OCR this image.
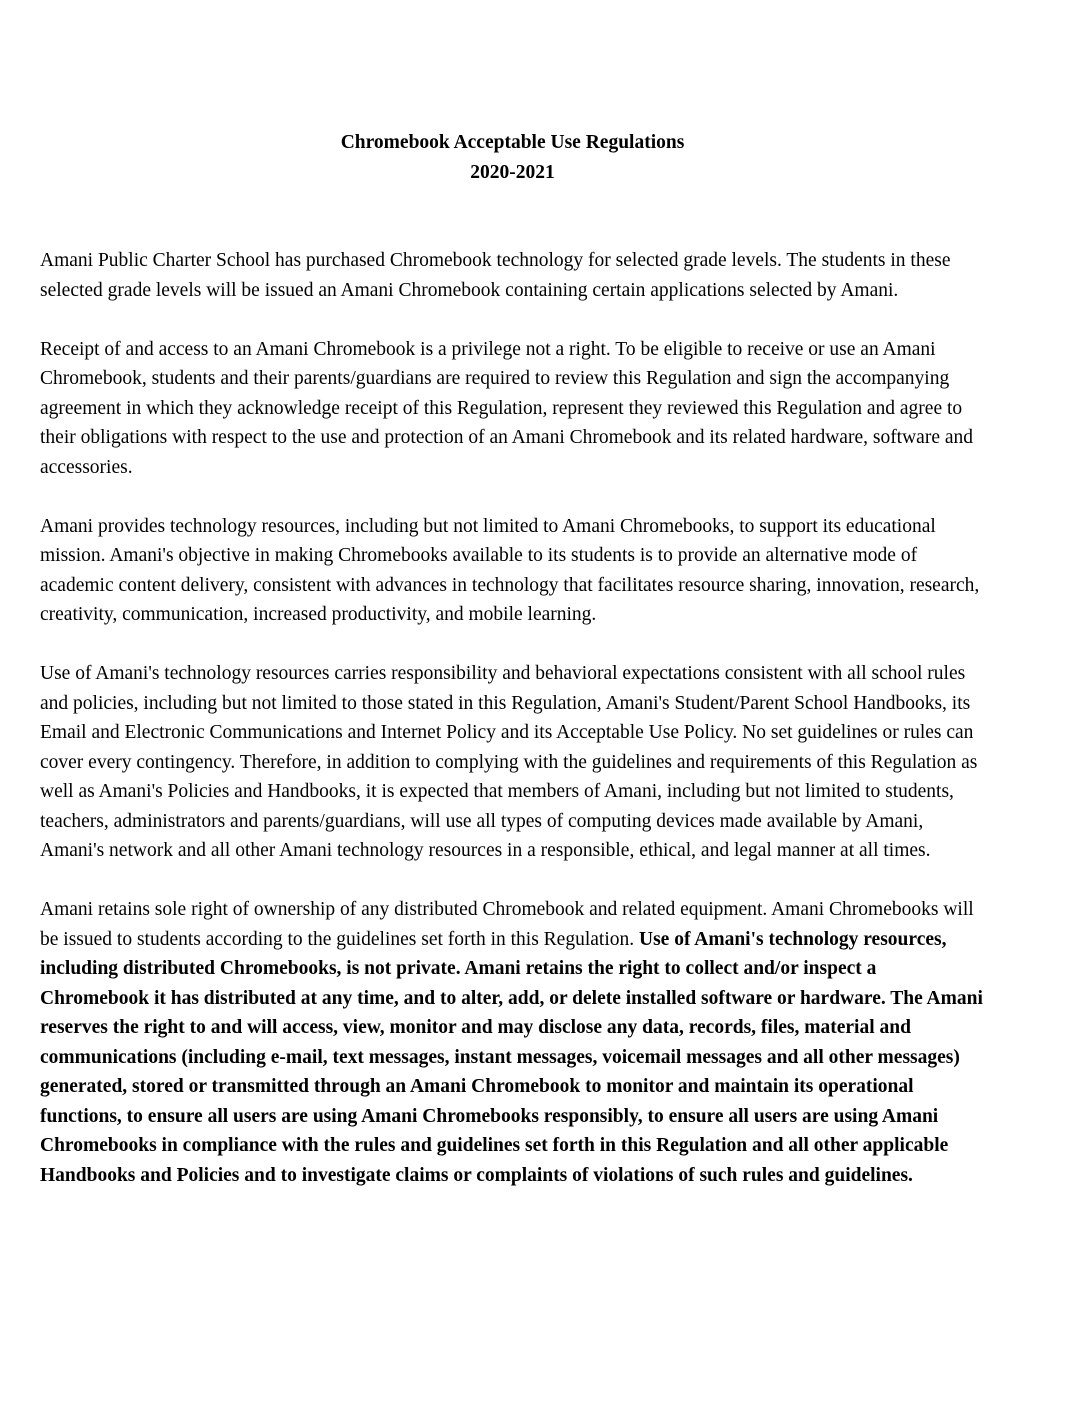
Chromebook Acceptable Use Regulations
2020-2021

Amani Public Charter School has purchased Chromebook technology for selected grade levels. The students in these selected grade levels will be issued an Amani Chromebook containing certain applications selected by Amani.

Receipt of and access to an Amani Chromebook is a privilege not a right. To be eligible to receive or use an Amani Chromebook, students and their parents/guardians are required to review this Regulation and sign the accompanying agreement in which they acknowledge receipt of this Regulation, represent they reviewed this Regulation and agree to their obligations with respect to the use and protection of an Amani Chromebook and its related hardware, software and accessories.

Amani provides technology resources, including but not limited to Amani Chromebooks, to support its educational mission. Amani's objective in making Chromebooks available to its students is to provide an alternative mode of academic content delivery, consistent with advances in technology that facilitates resource sharing, innovation, research, creativity, communication, increased productivity, and mobile learning.

Use of Amani's technology resources carries responsibility and behavioral expectations consistent with all school rules and policies, including but not limited to those stated in this Regulation, Amani's Student/Parent School Handbooks, its Email and Electronic Communications and Internet Policy and its Acceptable Use Policy. No set guidelines or rules can cover every contingency. Therefore, in addition to complying with the guidelines and requirements of this Regulation as well as Amani's Policies and Handbooks, it is expected that members of Amani, including but not limited to students, teachers, administrators and parents/guardians, will use all types of computing devices made available by Amani, Amani's network and all other Amani technology resources in a responsible, ethical, and legal manner at all times.

Amani retains sole right of ownership of any distributed Chromebook and related equipment. Amani Chromebooks will be issued to students according to the guidelines set forth in this Regulation. Use of Amani's technology resources, including distributed Chromebooks, is not private. Amani retains the right to collect and/or inspect a Chromebook it has distributed at any time, and to alter, add, or delete installed software or hardware. The Amani reserves the right to and will access, view, monitor and may disclose any data, records, files, material and communications (including e-mail, text messages, instant messages, voicemail messages and all other messages) generated, stored or transmitted through an Amani Chromebook to monitor and maintain its operational functions, to ensure all users are using Amani Chromebooks responsibly, to ensure all users are using Amani Chromebooks in compliance with the rules and guidelines set forth in this Regulation and all other applicable Handbooks and Policies and to investigate claims or complaints of violations of such rules and guidelines.
